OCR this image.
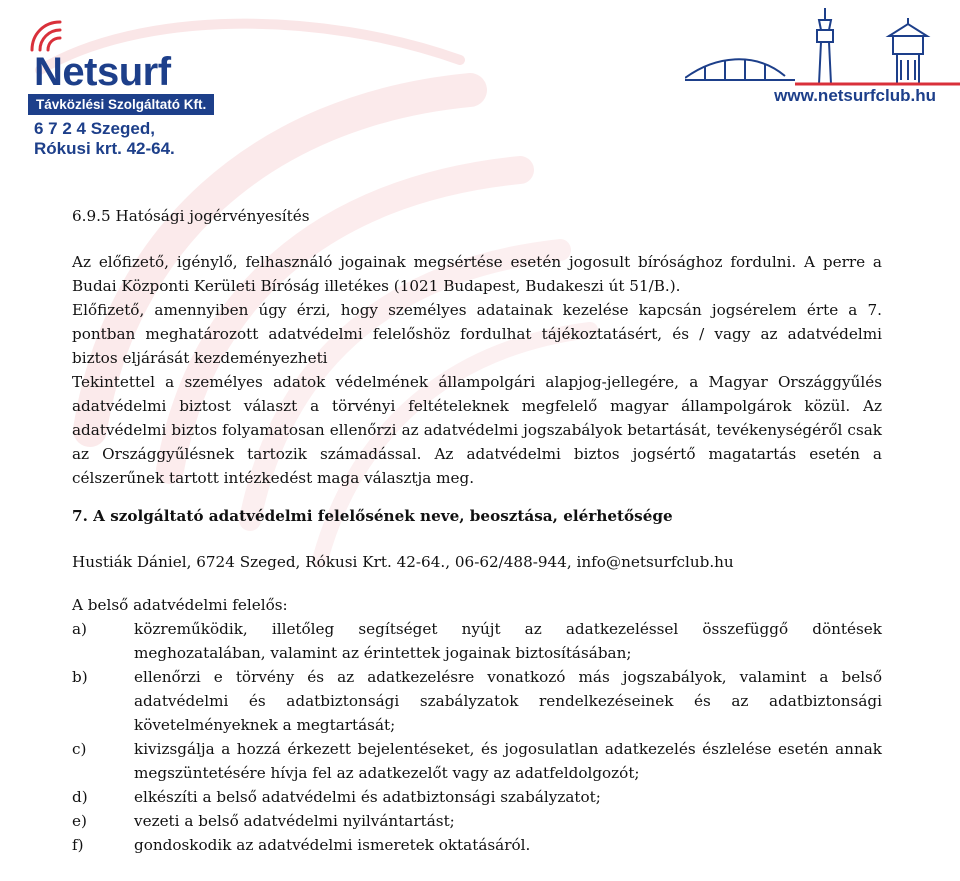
Netsurf
Távközlési Szolgáltató Kft.
6 7 2 4 Szeged,
Rókusi krt. 42-64.
www.netsurfclub.hu

6.9.5 Hatósági jogérvényesítés

Az előfizető, igénylő, felhasználó jogainak megsértése esetén jogosult bírósághoz fordulni. A perre a

Budai Központi Kerületi Bíróság illetékes (1021 Budapest, Budakeszi út 51/B.).

Előfizető, amennyiben úgy érzi, hogy személyes adatainak kezelése kapcsán jogsérelem érte a 7.

pontban meghatározott adatvédelmi felelőshöz fordulhat tájékoztatásért, és / vagy az adatvédelmi

biztos eljárását kezdeményezheti

Tekintettel a személyes adatok védelmének állampolgári alapjog-jellegére, a Magyar Országgyűlés adatvédelmi biztost választ a törvényi feltételeknek megfelelő magyar állampolgárok közül. Az adatvédelmi biztos folyamatosan ellenőrzi az adatvédelmi jogszabályok betartását, tevékenységéről csak az Országgyűlésnek tartozik számadással. Az adatvédelmi biztos jogsértő magatartás esetén a célszerűnek tartott intézkedést maga választja meg.

7. A szolgáltató adatvédelmi felelősének neve, beosztása, elérhetősége

Hustiák Dániel, 6724 Szeged, Rókusi Krt. 42-64., 06-62/488-944, info@netsurfclub.hu

A belső adatvédelmi felelős:

a)	közreműködik, illetőleg segítséget nyújt az adatkezeléssel összefüggő döntések meghozatalában, valamint az érintettek jogainak biztosításában;
b)	ellenőrzi e törvény és az adatkezelésre vonatkozó más jogszabályok, valamint a belső adatvédelmi és adatbiztonsági szabályzatok rendelkezéseinek és az adatbiztonsági követelményeknek a megtartását;
c)	kivizsgálja a hozzá érkezett bejelentéseket, és jogosulatlan adatkezelés észlelése esetén annak megszüntetésére hívja fel az adatkezelőt vagy az adatfeldolgozót;
d)	elkészíti a belső adatvédelmi és adatbiztonsági szabályzatot;
e)	vezeti a belső adatvédelmi nyilvántartást;
f)	gondoskodik az adatvédelmi ismeretek oktatásáról.
